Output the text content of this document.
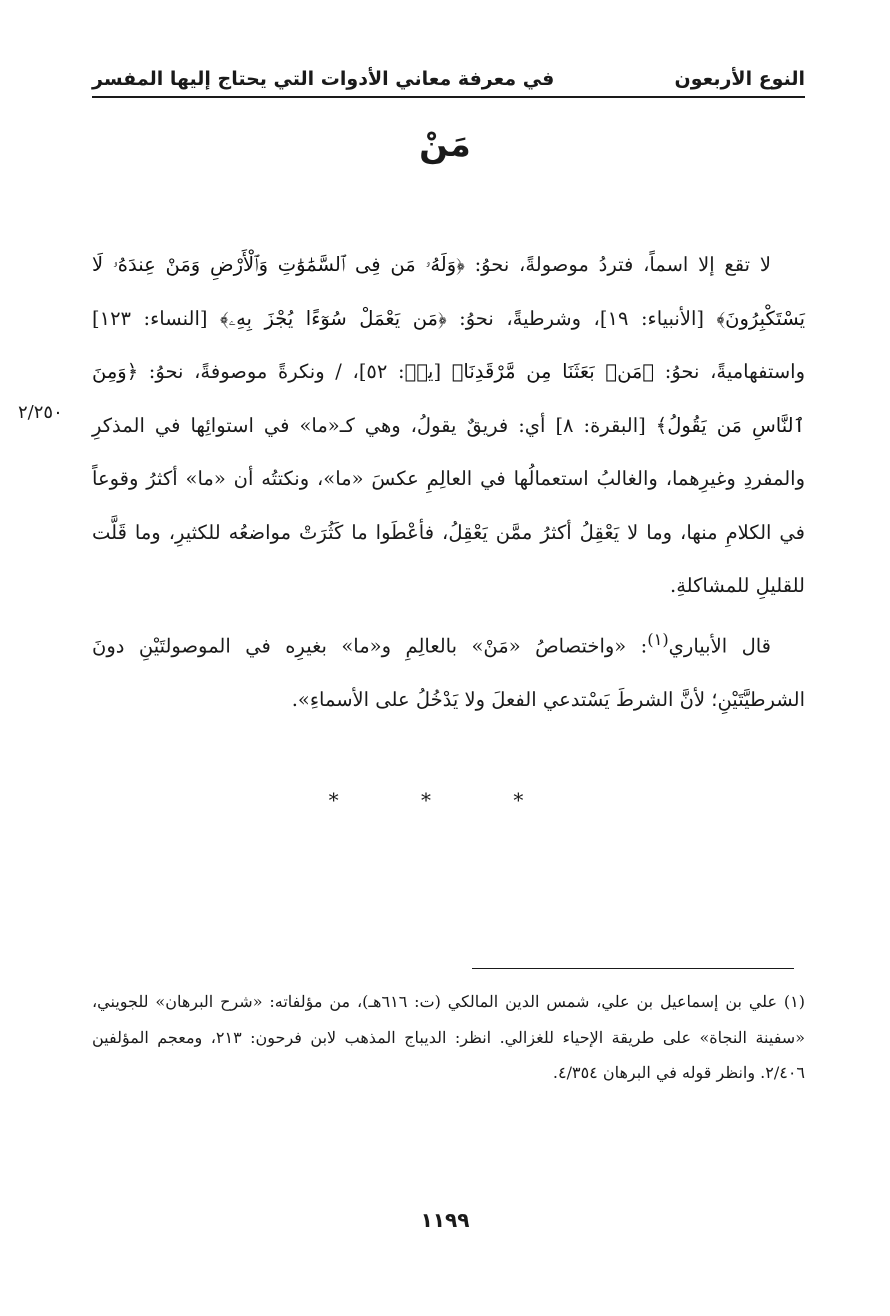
النوع الأربعون
في معرفة معاني الأدوات التي يحتاج إليها المفسر
مَنْ

لا تقع إلا اسماً، فتردُ موصولةً، نحوُ: ﴿وَلَهُۥ مَن فِى ٱلسَّمَٰوَٰتِ وَٱلْأَرْضِ وَمَنْ عِندَهُۥ لَا يَسْتَكْبِرُونَ﴾ [الأنبياء: ١٩]، وشرطيةً، نحوُ: ﴿مَن يَعْمَلْ سُوٓءًا يُجْزَ بِهِۦ﴾ [النساء: ١٢٣] واستفهاميةً، نحوُ: ﴿مَنۢ بَعَثَنَا مِن مَّرْقَدِنَا﴾ [يسۤ: ٥٢]، / ونكرةً موصوفةً، نحوُ: ﴿وَمِنَ ٱلنَّاسِ مَن يَقُولُ﴾ [البقرة: ٨] أي: فريقٌ يقولُ، وهي كـ«ما» في استوائِها في المذكرِ والمفردِ وغيرِهما، والغالبُ استعمالُها في العالِمِ عكسَ «ما»، ونكتتُه أن «ما» أكثرُ وقوعاً في الكلامِ منها، وما لا يَعْقِلُ أكثرُ ممَّن يَعْقِلُ، فأعْطَوا ما كَثُرَتْ مواضعُه للكثيرِ، وما قَلَّت للقليلِ للمشاكلةِ.

قال الأبياري$^{(١)}$: «واختصاصُ «مَنْ» بالعالِمِ و«ما» بغيرِه في الموصولتَيْنِ دونَ الشرطيَّتَيْنِ؛ لأنَّ الشرطَ يَسْتدعي الفعلَ ولا يَدْخُلُ على الأسماءِ».

٢/٢٥٠
* * *

(١) علي بن إسماعيل بن علي، شمس الدين المالكي (ت: ٦١٦هـ)، من مؤلفاته: «شرح البرهان» للجويني، «سفينة النجاة» على طريقة الإحياء للغزالي. انظر: الديباج المذهب لابن فرحون: ٢١٣، ومعجم المؤلفين ٢/٤٠٦. وانظر قوله في البرهان ٤/٣٥٤.

١١٩٩
